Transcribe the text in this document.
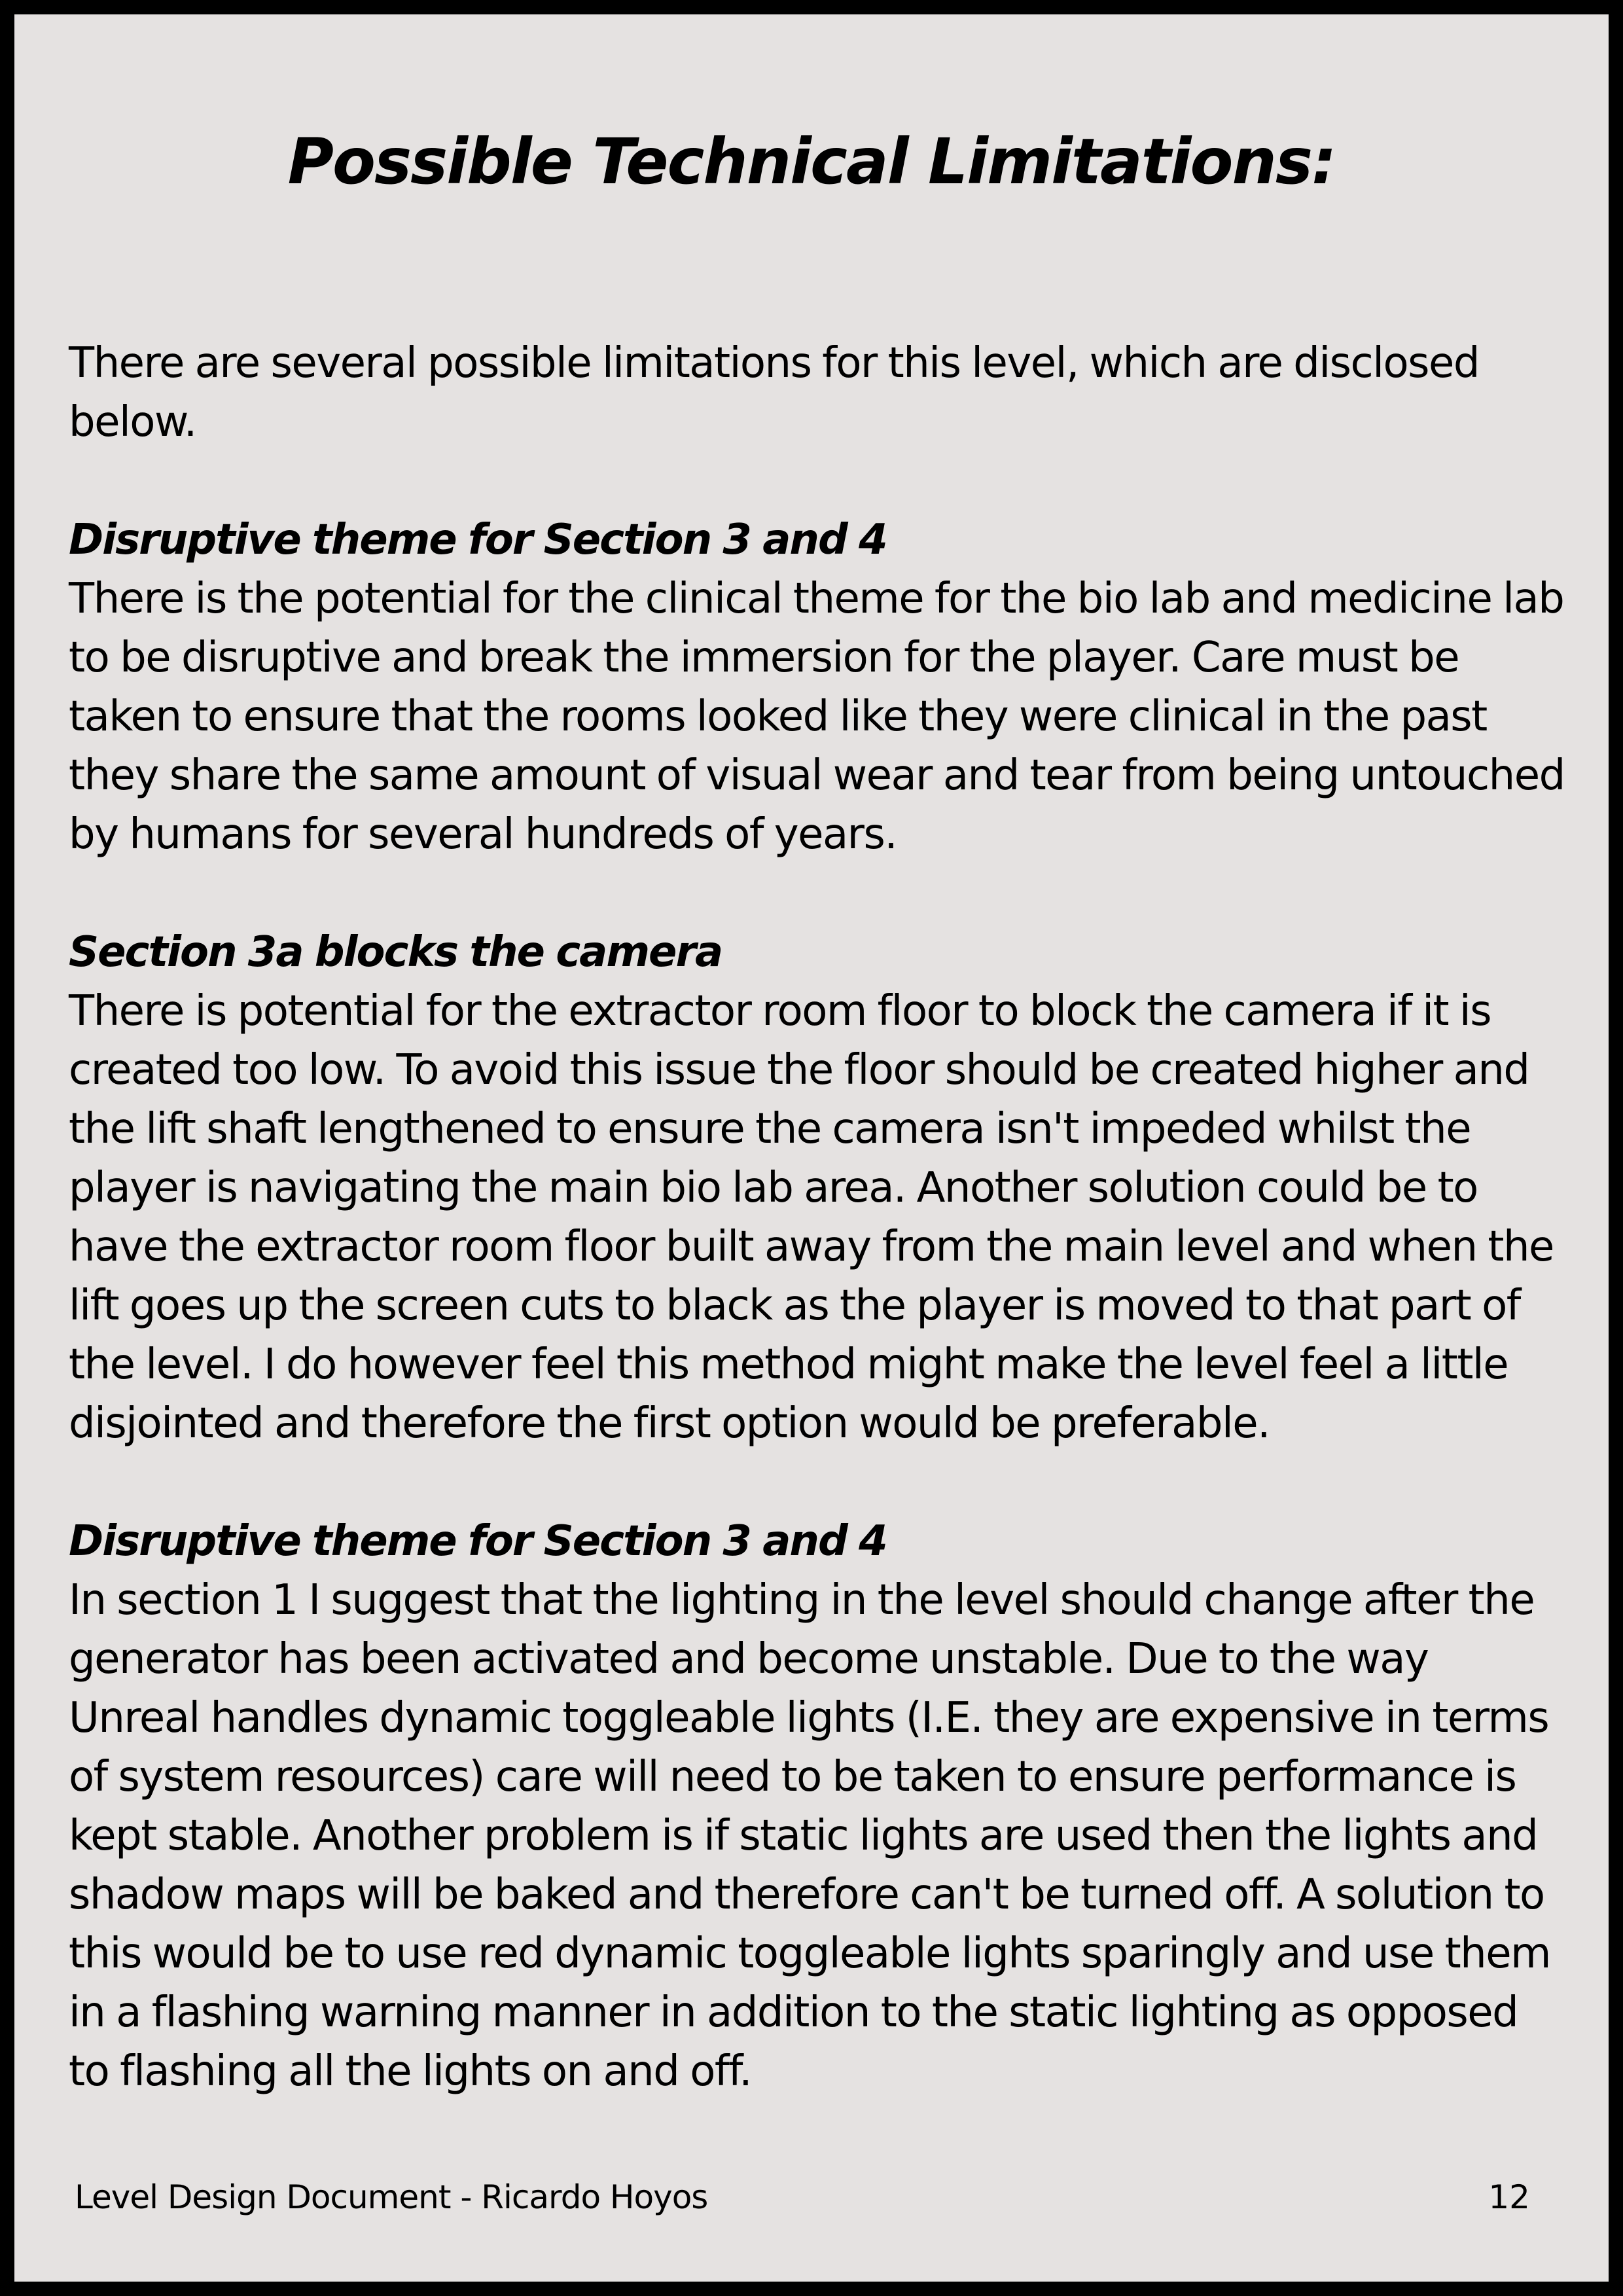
Possible Technical Limitations:

There are several possible limitations for this level, which are disclosed below.

Disruptive theme for Section 3 and 4

There is the potential for the clinical theme for the bio lab and medicine lab to be disruptive and break the immersion for the player. Care must be taken to ensure that the rooms looked like they were clinical in the past they share the same amount of visual wear and tear from being untouched by humans for several hundreds of years.

Section 3a blocks the camera

There is potential for the extractor room floor to block the camera if it is created too low. To avoid this issue the floor should be created higher and the lift shaft lengthened to ensure the camera isn't impeded whilst the player is navigating the main bio lab area. Another solution could be to have the extractor room floor built away from the main level and when the lift goes up the screen cuts to black as the player is moved to that part of the level. I do however feel this method might make the level feel a little disjointed and therefore the first option would be preferable.

Disruptive theme for Section 3 and 4

In section 1 I suggest that the lighting in the level should change after the generator has been activated and become unstable. Due to the way Unreal handles dynamic toggleable lights (I.E. they are expensive in terms of system resources) care will need to be taken to ensure performance is kept stable. Another problem is if static lights are used then the lights and shadow maps will be baked and therefore can't be turned off. A solution to this would be to use red dynamic toggleable lights sparingly and use them in a flashing warning manner in addition to the static lighting as opposed to flashing all the lights on and off.

Level Design Document - Ricardo Hoyos	12
